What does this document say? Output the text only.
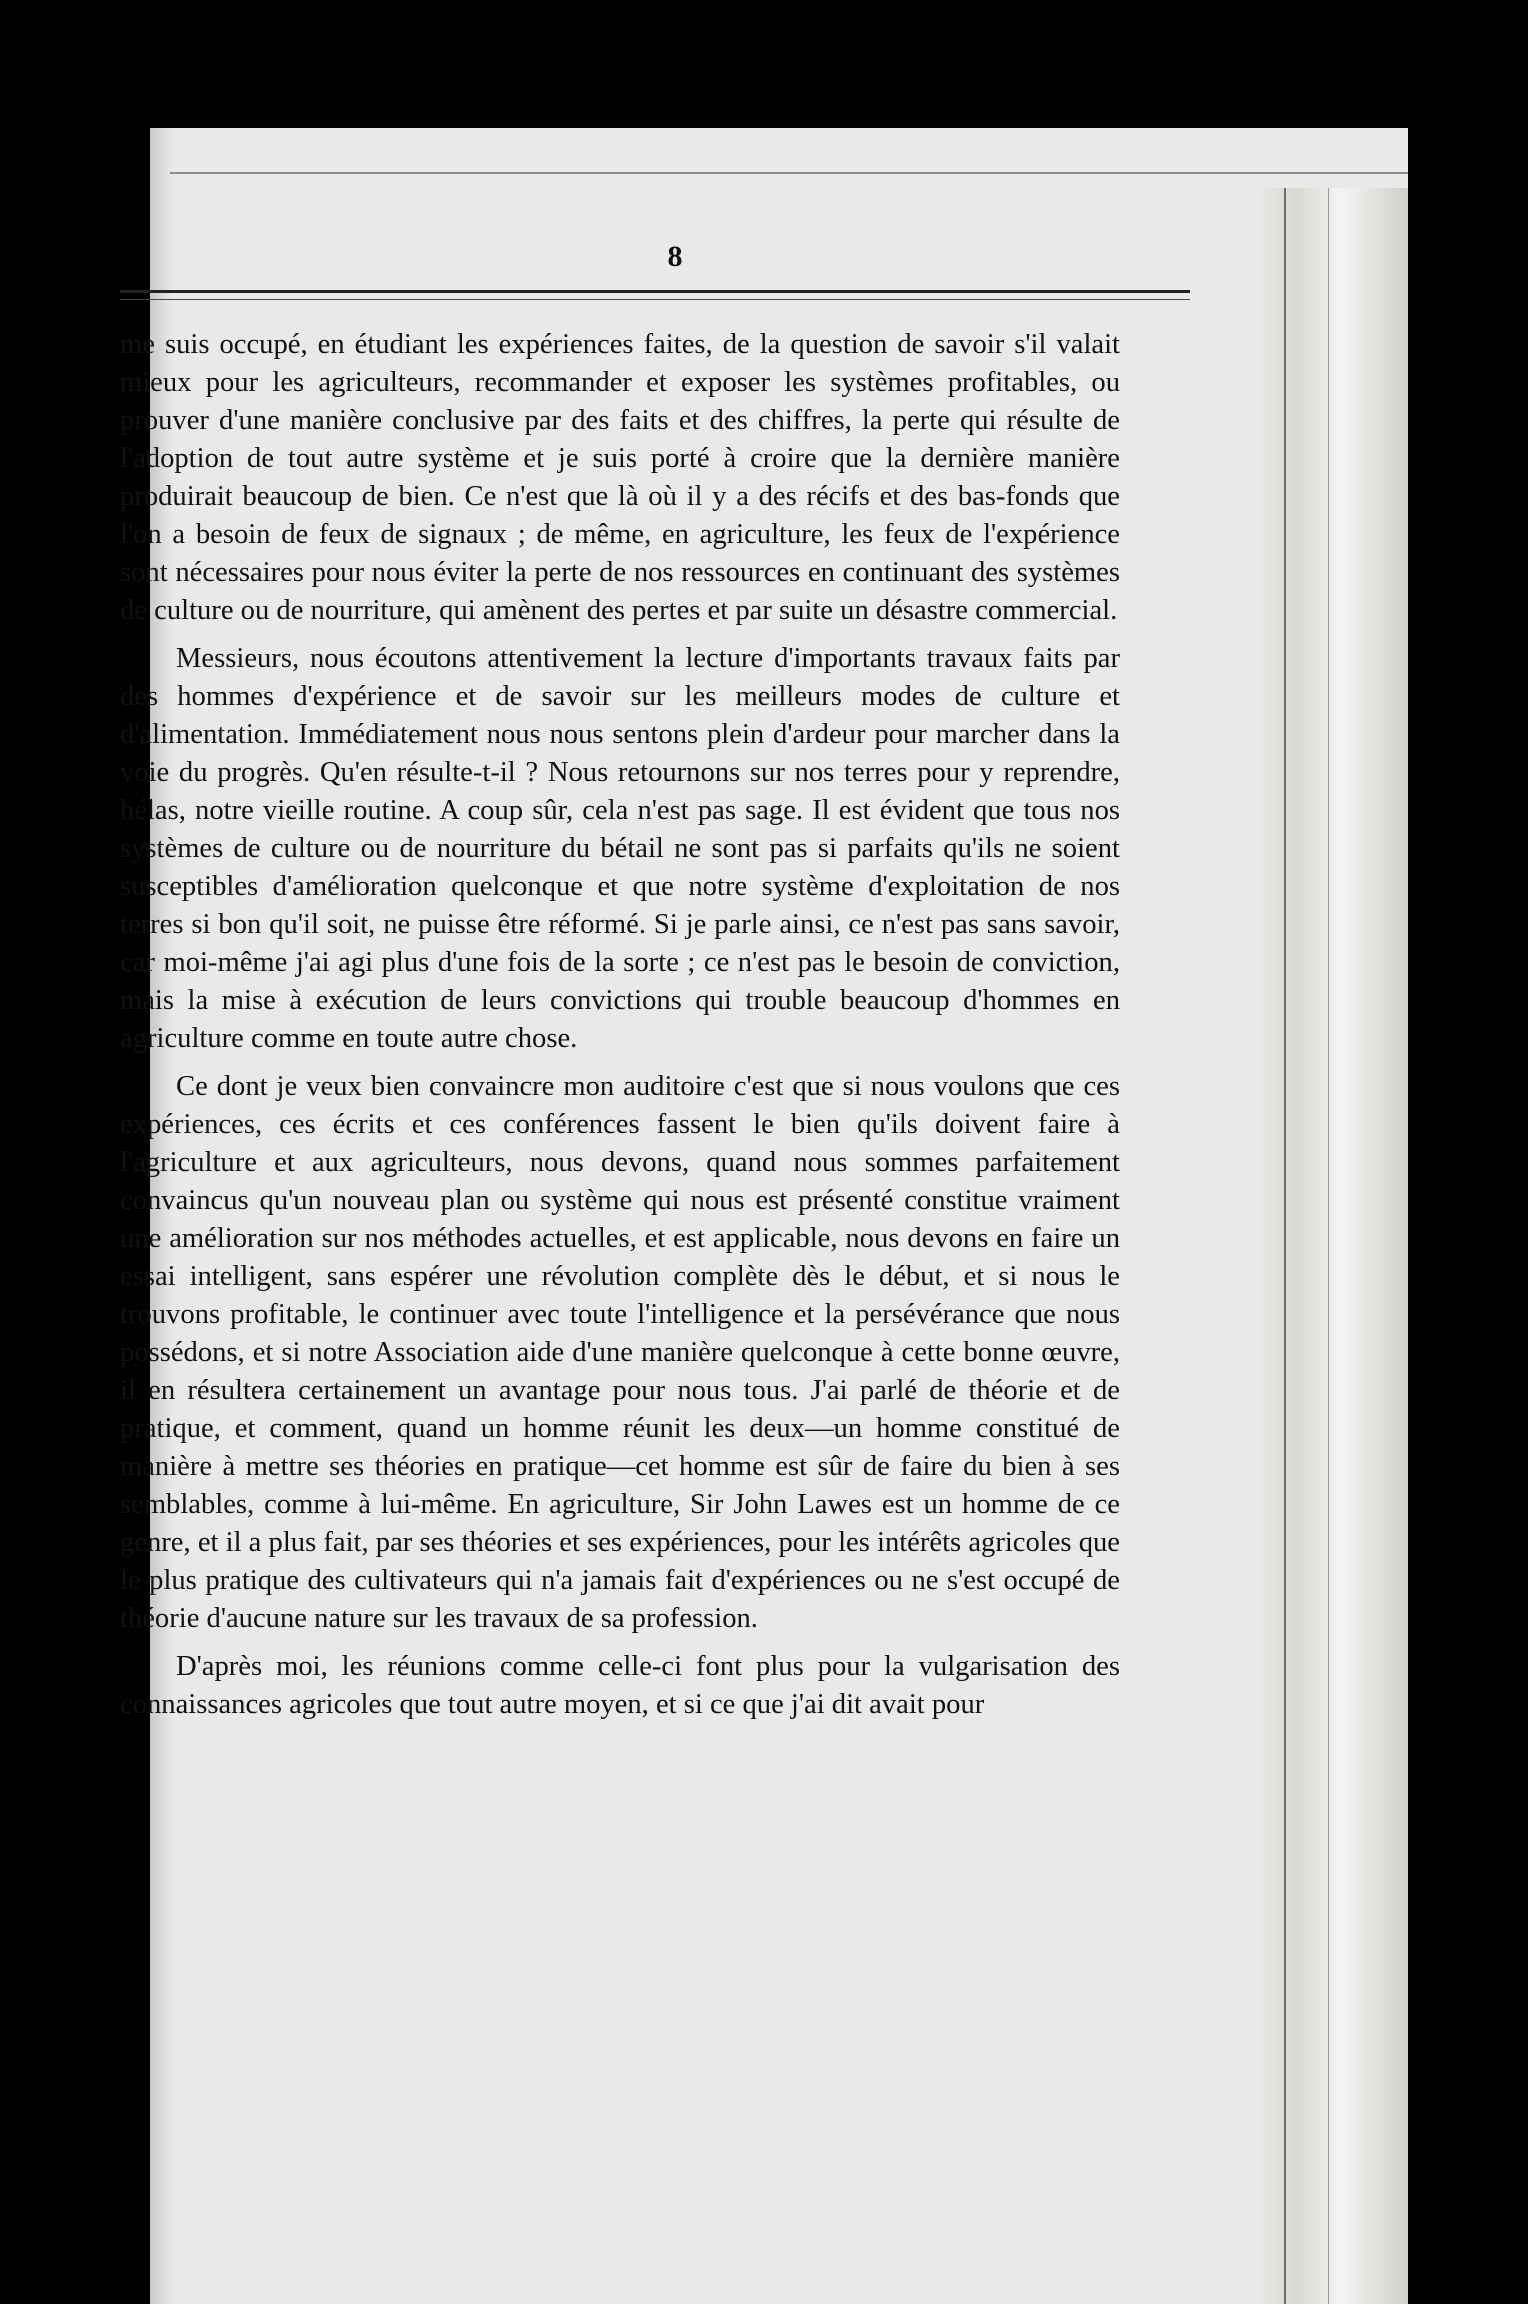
8

me suis occupé, en étudiant les expériences faites, de la question de savoir s'il valait mieux pour les agriculteurs, recommander et exposer les systèmes profitables, ou prouver d'une manière conclusive par des faits et des chiffres, la perte qui résulte de l'adoption de tout autre système et je suis porté à croire que la dernière manière produirait beaucoup de bien. Ce n'est que là où il y a des récifs et des bas-fonds que l'on a besoin de feux de signaux ; de même, en agriculture, les feux de l'expérience sont nécessaires pour nous éviter la perte de nos ressources en continuant des systèmes de culture ou de nourriture, qui amènent des pertes et par suite un désastre commercial.

Messieurs, nous écoutons attentivement la lecture d'importants travaux faits par des hommes d'expérience et de savoir sur les meilleurs modes de culture et d'alimentation. Immédiatement nous nous sentons plein d'ardeur pour marcher dans la voie du progrès. Qu'en résulte-t-il ? Nous retournons sur nos terres pour y reprendre, hélas, notre vieille routine. A coup sûr, cela n'est pas sage. Il est évident que tous nos systèmes de culture ou de nourriture du bétail ne sont pas si parfaits qu'ils ne soient susceptibles d'amélioration quelconque et que notre système d'exploitation de nos terres si bon qu'il soit, ne puisse être réformé. Si je parle ainsi, ce n'est pas sans savoir, car moi-même j'ai agi plus d'une fois de la sorte ; ce n'est pas le besoin de conviction, mais la mise à exécution de leurs convictions qui trouble beaucoup d'hommes en agriculture comme en toute autre chose.

Ce dont je veux bien convaincre mon auditoire c'est que si nous voulons que ces expériences, ces écrits et ces conférences fassent le bien qu'ils doivent faire à l'agriculture et aux agriculteurs, nous devons, quand nous sommes parfaitement convaincus qu'un nouveau plan ou système qui nous est présenté constitue vraiment une amélioration sur nos méthodes actuelles, et est applicable, nous devons en faire un essai intelligent, sans espérer une révolution complète dès le début, et si nous le trouvons profitable, le continuer avec toute l'intelligence et la persévérance que nous possédons, et si notre Association aide d'une manière quelconque à cette bonne œuvre, il en résultera certainement un avantage pour nous tous. J'ai parlé de théorie et de pratique, et comment, quand un homme réunit les deux—un homme constitué de manière à mettre ses théories en pratique—cet homme est sûr de faire du bien à ses semblables, comme à lui-même. En agriculture, Sir John Lawes est un homme de ce genre, et il a plus fait, par ses théories et ses expériences, pour les intérêts agricoles que le plus pratique des cultivateurs qui n'a jamais fait d'expériences ou ne s'est occupé de théorie d'aucune nature sur les travaux de sa profession.

D'après moi, les réunions comme celle-ci font plus pour la vulgarisation des connaissances agricoles que tout autre moyen, et si ce que j'ai dit avait pour
